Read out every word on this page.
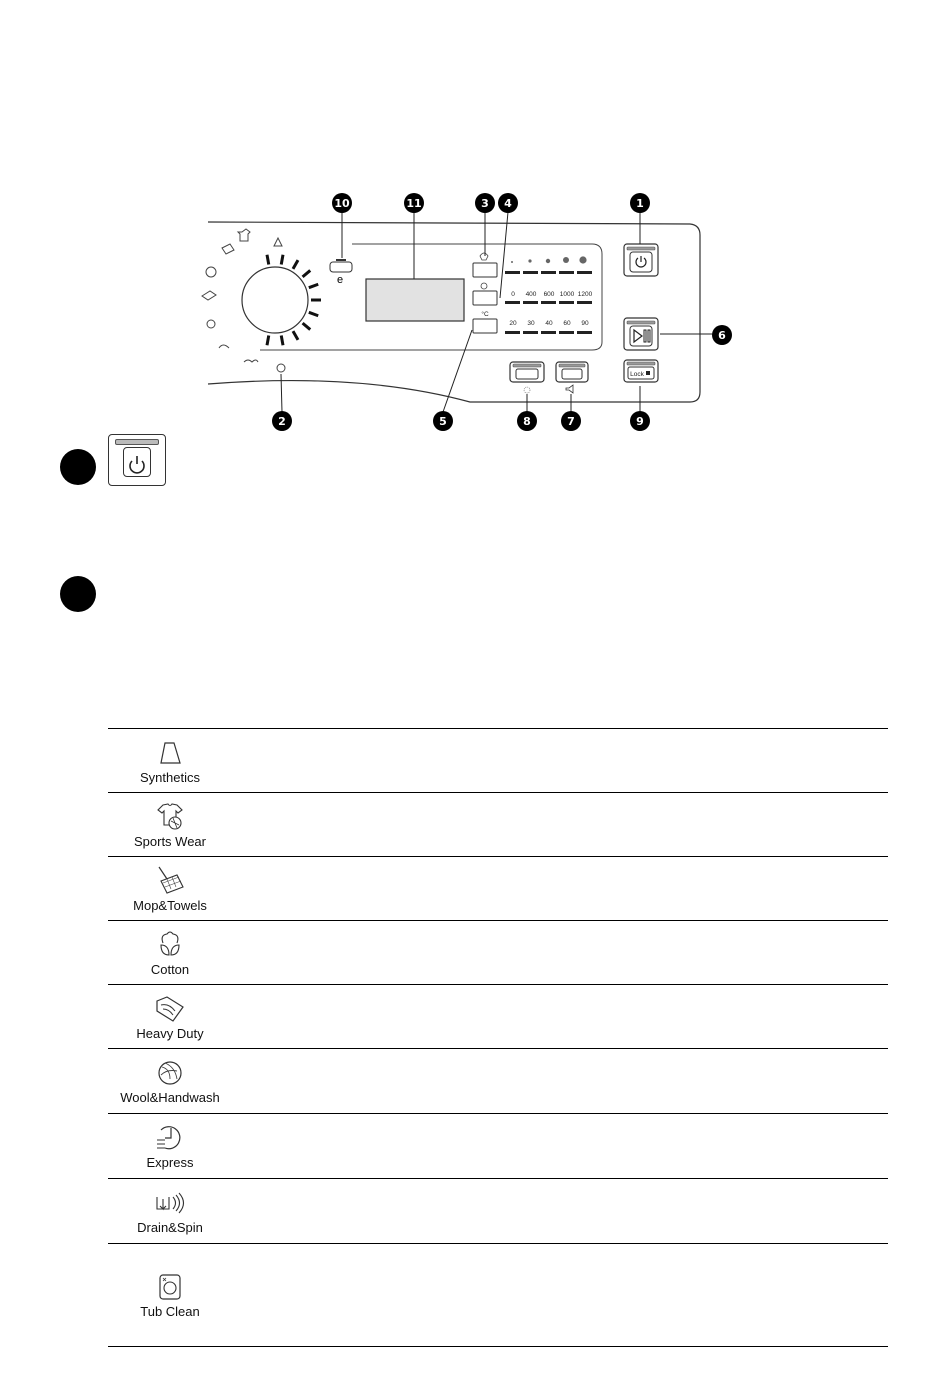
e
°C
0 400 600 1000 1200
20 30 40 60 90
Lock
1
2
3 4
5
6
7
8	9
10	11
Synthetics
Sports Wear
Mop&Towels
Cotton
Heavy Duty
Wool&Handwash
Express
Drain&Spin
Tub Clean
